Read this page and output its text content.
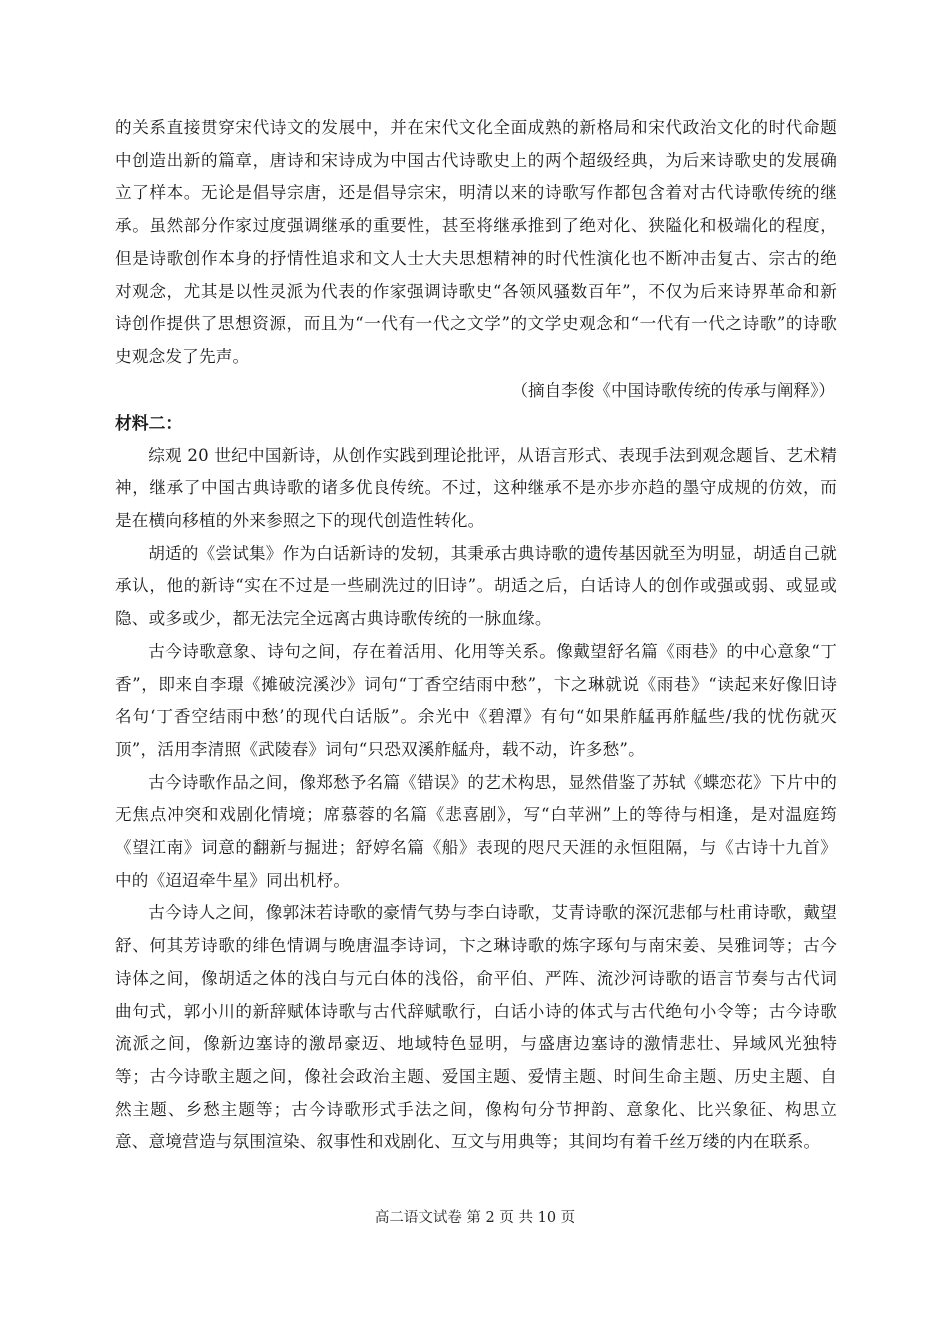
的关系直接贯穿宋代诗文的发展中，并在宋代文化全面成熟的新格局和宋代政治文化的时代命题中创造出新的篇章，唐诗和宋诗成为中国古代诗歌史上的两个超级经典，为后来诗歌史的发展确立了样本。无论是倡导宗唐，还是倡导宗宋，明清以来的诗歌写作都包含着对古代诗歌传统的继承。虽然部分作家过度强调继承的重要性，甚至将继承推到了绝对化、狭隘化和极端化的程度，但是诗歌创作本身的抒情性追求和文人士大夫思想精神的时代性演化也不断冲击复古、宗古的绝对观念，尤其是以性灵派为代表的作家强调诗歌史“各领风骚数百年”，不仅为后来诗界革命和新诗创作提供了思想资源，而且为“一代有一代之文学”的文学史观念和“一代有一代之诗歌”的诗歌史观念发了先声。

（摘自李俊《中国诗歌传统的传承与阐释》）

材料二：

综观 20 世纪中国新诗，从创作实践到理论批评，从语言形式、表现手法到观念题旨、艺术精神，继承了中国古典诗歌的诸多优良传统。不过，这种继承不是亦步亦趋的墨守成规的仿效，而是在横向移植的外来参照之下的现代创造性转化。

胡适的《尝试集》作为白话新诗的发轫，其秉承古典诗歌的遗传基因就至为明显，胡适自己就承认，他的新诗“实在不过是一些刷洗过的旧诗”。胡适之后，白话诗人的创作或强或弱、或显或隐、或多或少，都无法完全远离古典诗歌传统的一脉血缘。

古今诗歌意象、诗句之间，存在着活用、化用等关系。像戴望舒名篇《雨巷》的中心意象“丁香”，即来自李璟《摊破浣溪沙》词句“丁香空结雨中愁”，卞之琳就说《雨巷》“读起来好像旧诗名句‘丁香空结雨中愁’的现代白话版”。余光中《碧潭》有句“如果舴艋再舴艋些/我的忧伤就灭顶”，活用李清照《武陵春》词句“只恐双溪舴艋舟，载不动，许多愁”。

古今诗歌作品之间，像郑愁予名篇《错误》的艺术构思，显然借鉴了苏轼《蝶恋花》下片中的无焦点冲突和戏剧化情境；席慕蓉的名篇《悲喜剧》，写“白苹洲”上的等待与相逢，是对温庭筠《望江南》词意的翻新与掘进；舒婷名篇《船》表现的咫尺天涯的永恒阻隔，与《古诗十九首》中的《迢迢牵牛星》同出机杼。

古今诗人之间，像郭沫若诗歌的豪情气势与李白诗歌，艾青诗歌的深沉悲郁与杜甫诗歌，戴望舒、何其芳诗歌的绯色情调与晚唐温李诗词，卞之琳诗歌的炼字琢句与南宋姜、吴雅词等；古今诗体之间，像胡适之体的浅白与元白体的浅俗，俞平伯、严阵、流沙河诗歌的语言节奏与古代词曲句式，郭小川的新辞赋体诗歌与古代辞赋歌行，白话小诗的体式与古代绝句小令等；古今诗歌流派之间，像新边塞诗的激昂豪迈、地域特色显明，与盛唐边塞诗的激情悲壮、异域风光独特等；古今诗歌主题之间，像社会政治主题、爱国主题、爱情主题、时间生命主题、历史主题、自然主题、乡愁主题等；古今诗歌形式手法之间，像构句分节押韵、意象化、比兴象征、构思立意、意境营造与氛围渲染、叙事性和戏剧化、互文与用典等；其间均有着千丝万缕的内在联系。

高二语文试卷 第 2 页 共 10 页
